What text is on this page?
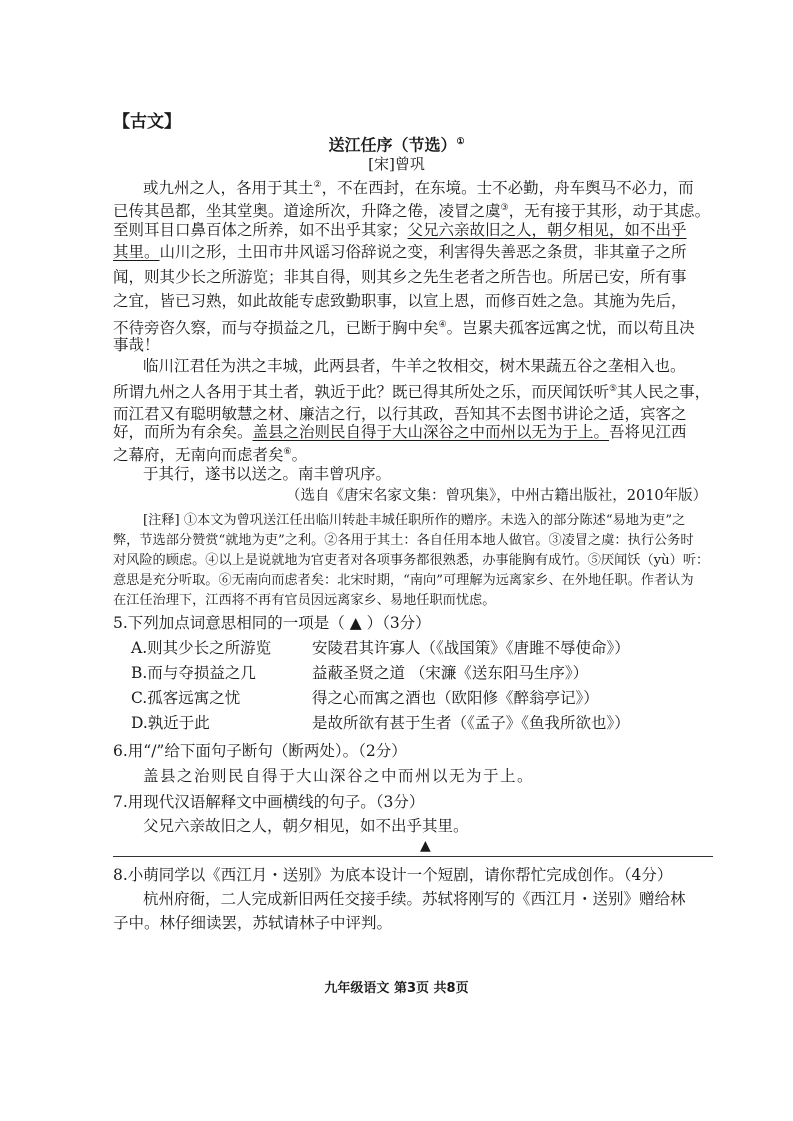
【古文】
送江任序（节选）①
[宋]曾巩
或九州之人，各用于其土②，不在西封，在东境。士不必勤，舟车舆马不必力，而
已传其邑都，坐其堂奥。道途所次，升降之倦，凌冒之虞③，无有接于其形，动于其虑。
至则耳目口鼻百体之所养，如不出乎其家；父兄六亲故旧之人，朝夕相见，如不出乎
其里。山川之形，土田市井风谣习俗辞说之变，利害得失善恶之条贯，非其童子之所
闻，则其少长之所游览；非其自得，则其乡之先生老者之所告也。所居已安，所有事
之宜，皆已习熟，如此故能专虑致勤职事，以宣上恩，而修百姓之急。其施为先后，
不待旁咨久察，而与夺损益之几，已断于胸中矣④。岂累夫孤客远寓之忧，而以苟且决
事哉！
临川江君任为洪之丰城，此两县者，牛羊之牧相交，树木果蔬五谷之垄相入也。
所谓九州之人各用于其土者，孰近于此？既已得其所处之乐，而厌闻饫听⑤其人民之事，
而江君又有聪明敏慧之材、廉洁之行，以行其政，吾知其不去图书讲论之适，宾客之
好，而所为有余矣。盖县之治则民自得于大山深谷之中而州以无为于上。吾将见江西
之幕府，无南向而虑者矣⑥。
于其行，遂书以送之。南丰曾巩序。
（选自《唐宋名家文集：曾巩集》，中州古籍出版社，2010年版）
[注释] ①本文为曾巩送江任出临川转赴丰城任职所作的赠序。未选入的部分陈述“易地为吏”之
弊，节选部分赞赏“就地为吏”之利。②各用于其土：各自任用本地人做官。③凌冒之虞：执行公务时
对风险的顾虑。④以上是说就地为官吏者对各项事务都很熟悉，办事能胸有成竹。⑤厌闻饫（yù）听：
意思是充分听取。⑥无南向而虑者矣：北宋时期，“南向”可理解为远离家乡、在外地任职。作者认为
在江任治理下，江西将不再有官员因远离家乡、易地任职而忧虑。
5.下列加点词意思相同的一项是（ ▲ ）（3分）
A.则其少长之所游览	安陵君其许寡人（《战国策》《唐雎不辱使命》）
B.而与夺损益之几	益蔽圣贤之道 （宋濂《送东阳马生序》）
C.孤客远寓之忧	得之心而寓之酒也（欧阳修《醉翁亭记》）
D.孰近于此	是故所欲有甚于生者（《孟子》《鱼我所欲也》）
6.用“/”给下面句子断句（断两处）。（2分）
盖县之治则民自得于大山深谷之中而州以无为于上。
7.用现代汉语解释文中画横线的句子。（3分）
父兄六亲故旧之人，朝夕相见，如不出乎其里。
▲
8.小萌同学以《西江月・送别》为底本设计一个短剧，请你帮忙完成创作。（4分）
杭州府衙，二人完成新旧两任交接手续。苏轼将刚写的《西江月・送别》赠给林
子中。林仔细读罢，苏轼请林子中评判。
九年级语文 第3页 共8页
